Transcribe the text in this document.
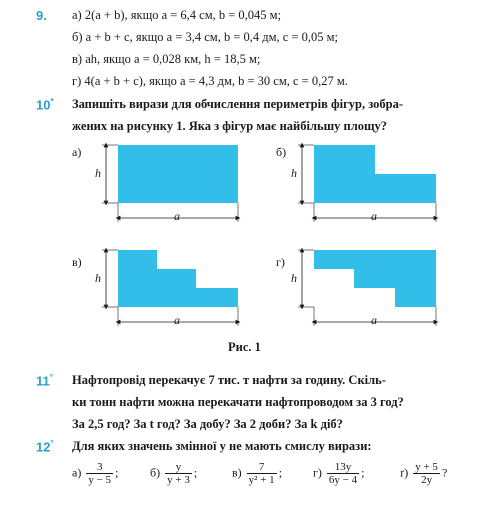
9. а) 2(a + b), якщо a = 6,4 см, b = 0,045 м;
б) a + b + c, якщо a = 3,4 см, b = 0,4 дм, c = 0,05 м;
в) ah, якщо a = 0,028 км, h = 18,5 м;
г) 4(a + b + c), якщо a = 4,3 дм, b = 30 см, c = 0,27 м.
10* Запишіть вирази для обчислення периметрів фігур, зобра-
жених на рисунку 1. Яка з фігур має найбільшу площу?
а)	б)
в)	г)
h
a
h
a
h
a
h
a
Рис. 1
11° Нафтопровід перекачує 7 тис. т нафти за годину. Скіль-
ки тонн нафти можна перекачати нафтопроводом за 3 год?
За 2,5 год? За t год? За добу? За 2 доби? За k діб?
12° Для яких значень змінної y не мають смислу вирази:
$а) \frac{3}{y - 5}$ ;	$б) \frac{y}{y + 3}$ ;	$в) \frac{7}{\text{y² + 1}}$ ;	$г) \frac{13y}{6y - 4}$ ;	$ґ) \frac{y + 5}{2y}$ ?
